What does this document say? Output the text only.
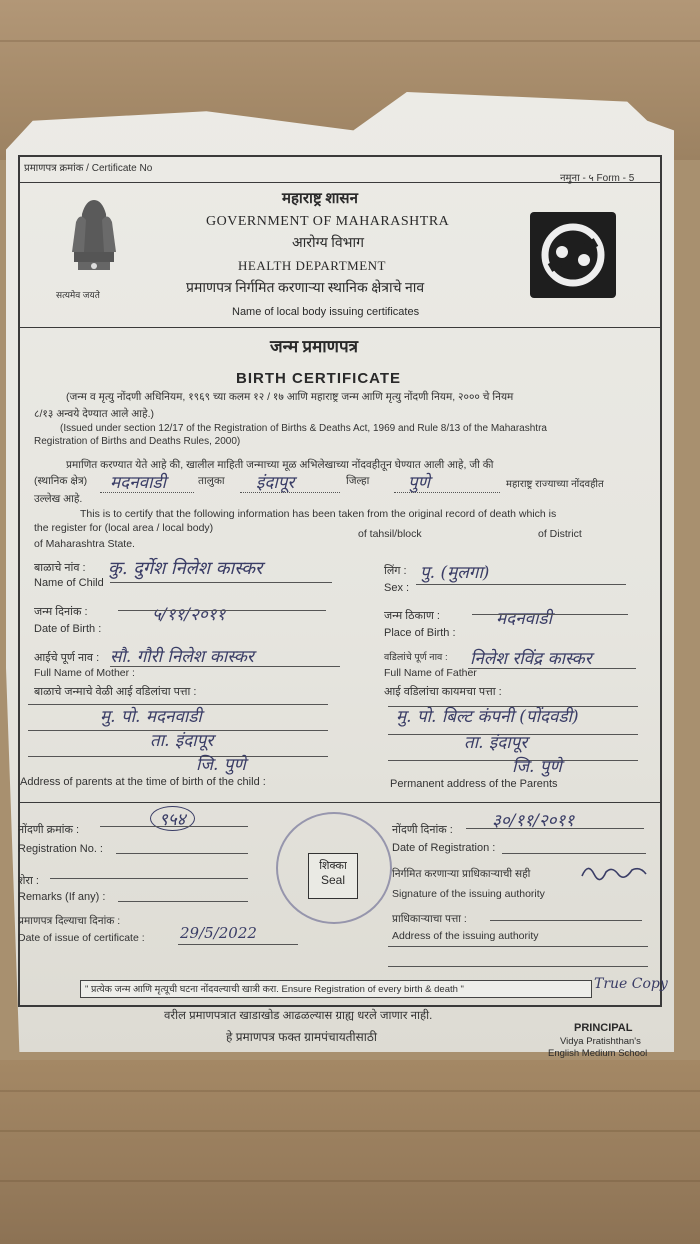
प्रमाणपत्र क्रमांक / Certificate No
नमुना - ५ Form - 5
सत्यमेव जयते
महाराष्ट्र शासन
GOVERNMENT OF MAHARASHTRA
आरोग्य विभाग
HEALTH DEPARTMENT
प्रमाणपत्र निर्गमित करणाऱ्या स्थानिक क्षेत्राचे नाव
Name of local body issuing certificates
जन्म प्रमाणपत्र
BIRTH CERTIFICATE
(जन्म व मृत्यु नोंदणी अधिनियम, १९६९ च्या कलम १२ / १७ आणि महाराष्ट्र जन्म आणि मृत्यु नोंदणी नियम, २००० चे नियम
८/१३ अन्वये देण्यात आले आहे.)
(Issued under section 12/17 of the Registration of Births & Deaths Act, 1969 and Rule 8/13 of the Maharashtra
Registration of Births and Deaths Rules, 2000)
प्रमाणित करण्यात येते आहे की, खालील माहिती जन्माच्या मूळ अभिलेखाच्या नोंदवहीतून घेण्यात आली आहे, जी की
(स्थानिक क्षेत्र) मदनवाडी	तालुका इंदापूर	जिल्हा पुणे	महाराष्ट्र राज्याच्या नोंदवहीत
उल्लेख आहे.
This is to certify that the following information has been taken from the original record of death which is
the register for (local area / local body)	of tahsil/block	of District
of Maharashtra State.
बाळाचे नांव :
Name of Child
कु. दुर्गेश निलेश कास्कर	लिंग :
Sex :
पु. (मुलगा)
जन्म दिनांक :
Date of Birth :
५/११/२०११	जन्म ठिकाण :
Place of Birth :
मदनवाडी
आईचे पूर्ण नाव :
Full Name of Mother :
सौ. गौरी निलेश कास्कर	वडिलांचे पूर्ण नाव :
Full Name of Father
निलेश रविंद्र कास्कर
बाळाचे जन्माचे वेळी आई वडिलांचा पत्ता :	आई वडिलांचा कायमचा पत्ता :
मु. पो. मदनवाडी
ता. इंदापूर
जि. पुणे
मु. पो. बिल्ट कंपनी (पोंदवडी)
ता. इंदापूर
जि. पुणे
Address of parents at the time of birth of the child :	Permanent address of the Parents
शिक्का
Seal
नोंदणी क्रमांक :
Registration No. :
९५४	नोंदणी दिनांक :
Date of Registration :
३०/११/२०११
शेरा :
Remarks (If any) :
निर्गमित करणाऱ्या प्राधिकाऱ्याची सही
Signature of the issuing authority
प्रमाणपत्र दिल्याचा दिनांक :
Date of issue of certificate : 29/5/2022
प्राधिकाऱ्याचा पत्ता :
Address of the issuing authority
" प्रत्येक जन्म आणि मृत्यूची घटना नोंदवल्याची खात्री करा. Ensure Registration of every birth & death "	True Copy
वरील प्रमाणपत्रात खाडाखोड आढळल्यास ग्राह्य धरले जाणार नाही.
हे प्रमाणपत्र फक्त ग्रामपंचायतीसाठी
PRINCIPAL
Vidya Pratishthan's
English Medium School
